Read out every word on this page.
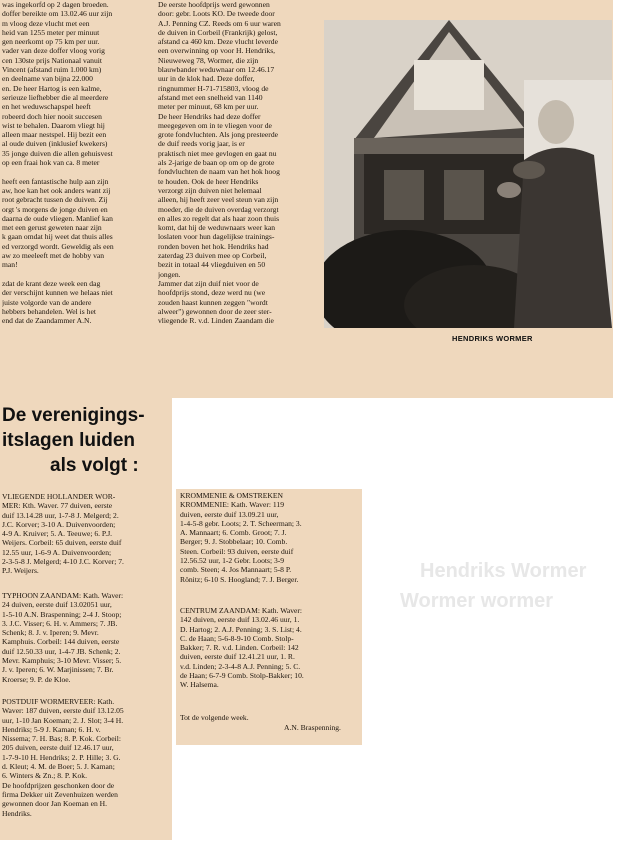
was ingekorfd op 2 dagen broeden.
doffer bereikte om 13.02.46 uur zijn
m vloog deze vlucht met een
heid van 1255 meter per minuut
gen neerkomt op 75 km per uur.
vader van deze doffer vloog vorig
cen 130ste prijs Nationaal vanuit
Vincent (afstand ruim 1.000 km)
en deelname van bijna 22.000
en. De heer Hartog is een kalme,
serieuze liefhebber die al meerdere
en het weduwschapspel heeft
robeerd doch hier nooit succesen
wist te behalen. Daarom vliegt hij
alleen maar nestspel. Hij bezit een
al oude duiven (inklusief kwekers)
35 jonge duiven die allen gehuisvest
op een fraai hok van ca. 8 meter

heeft een fantastische hulp aan zijn
aw, hoe kan het ook anders want zij
root gebracht tussen de duiven. Zij
orgt 's morgens de jonge duiven en
daarna de oude vliegen. Manlief kan
met een gerust geweten naar zijn
k gaan omdat hij weet dat thuis alles
ed verzorgd wordt. Geweldig als een
aw zo meeleeft met de hobby van
man!

zdat de krant deze week een dag
der verschijnt kunnen we helaas niet
juiste volgorde van de andere
hebbers behandelen. Wel is het
end dat de Zaandammer A.N.
De eerste hoofdprijs werd gewonnen
door: gebr. Loots KO. De tweede door
A.J. Penning CZ. Reeds om 6 uur waren
de duiven in Corbeil (Frankrijk) gelost,
afstand ca 460 km. Deze vlucht leverde
een overwinning op voor H. Hendriks,
Nieuweweg 78, Wormer, die zijn
blauwbander weduwnaar om 12.46.17
uur in de klok had. Deze doffer,
ringnummer H-71-715803, vloog de
afstand met een snelheid van 1140
meter per minuut, 68 km per uur.
De heer Hendriks had deze doffer
meegegeven om in te vliegen voor de
grote fondvluchten. Als jong presteerde
de duif reeds vorig jaar, is er
praktisch niet mee gevlogen en gaat nu
als 2-jarige de baan op om op de grote
fondvluchten de naam van het hok hoog
te houden. Ook de heer Hendriks
verzorgt zijn duiven niet helemaal
alleen, hij heeft zeer veel steun van zijn
moeder, die de duiven overdag verzorgt
en alles zo regelt dat als haar zoon thuis
komt, dat hij de weduwnaars weer kan
loslaten voor hun dagelijkse trainings-
ronden boven het hok. Hendriks had
zaterdag 23 duiven mee op Corbeil,
bezit in totaal 44 vliegduiven en 50
jongen.
Jammer dat zijn duif niet voor de
hoofdprijs stond, deze werd nu (we
zouden haast kunnen zeggen "wordt
alweer") gewonnen door de zeer ster-
vliegende R. v.d. Linden Zaandam die
HENDRIKS WORMER
De verenigings-
itslagen luiden
als volgt :
VLIEGENDE HOLLANDER WOR-
MER: Kth. Waver. 77 duiven, eerste
duif 13.14.28 uur, 1-7-8 J. Melgerd; 2.
J.C. Korver; 3-10 A. Duivenvoorden;
4-9 A. Kruiver; 5. A. Teeuwe; 6. P.J.
Weijers. Corbeil: 65 duiven, eerste duif
12.55 uur, 1-6-9 A. Duivenvoorden;
2-3-5-8 J. Melgerd; 4-10 J.C. Korver; 7.
P.J. Weijers.
TYPHOON ZAANDAM: Kath. Waver:
24 duiven, eerste duif 13.02051 uur,
1-5-10 A.N. Braspenning; 2-4 J. Stoop;
3. J.C. Visser; 6. H. v. Ammers; 7. JB.
Schenk; 8. J. v. Iperen; 9. Mevr.
Kamphuis. Corbeil: 144 duiven, eerste
duif 12.50.33 uur, 1-4-7 JB. Schenk; 2.
Mevr. Kamphuis; 3-10 Mevr. Visser; 5.
J. v. Iperen; 6. W. Marjinissen; 7. Br.
Kroerse; 9. P. de Kloe.
POSTDUIF WORMERVEER: Kath.
Waver: 187 duiven, eerste duif 13.12.05
uur, 1-10 Jan Koeman; 2. J. Slot; 3-4 H.
Hendriks; 5-9 J. Kaman; 6. H. v.
Nissema; 7. H. Bas; 8. P. Kok. Corbeil:
205 duiven, eerste duif 12.46.17 uur,
1-7-9-10 H. Hendriks; 2. P. Hille; 3. G.
d. Kleut; 4. M. de Boer; 5. J. Kaman;
6. Winters & Zn.; 8. P. Kok.
De hoofdprijzen geschonken door de
firma Dekker uit Zevenhuizen werden
gewonnen door Jan Koeman en H.
Hendriks.
KROMMENIE & OMSTREKEN
KROMMENIE: Kath. Waver: 119
duiven, eerste duif 13.09.21 uur,
1-4-5-8 gebr. Loots; 2. T. Scheerman; 3.
A. Mannaart; 6. Comb. Groot; 7. J.
Berger; 9. J. Stobbelaar; 10. Comb.
Steen. Corbeil: 93 duiven, eerste duif
12.56.52 uur, 1-2 Gebr. Loots; 3-9
comb. Steen; 4. Jos Mannaart; 5-8 P.
Rönitz; 6-10 S. Hoogland; 7. J. Berger.
CENTRUM ZAANDAM: Kath. Waver:
142 duiven, eerste duif 13.02.46 uur, 1.
D. Hartog; 2. A.J. Penning; 3. S. List; 4.
C. de Haan; 5-6-8-9-10 Comb. Stolp-
Bakker; 7. R. v.d. Linden. Corbeil: 142
duiven, eerste duif 12.41.21 uur, 1. R.
v.d. Linden; 2-3-4-8 A.J. Penning; 5. C.
de Haan; 6-7-9 Comb. Stolp-Bakker; 10.
W. Halsema.
Tot de volgende week.
A.N. Braspenning.
Hendriks Wormer
Wormer wormer
